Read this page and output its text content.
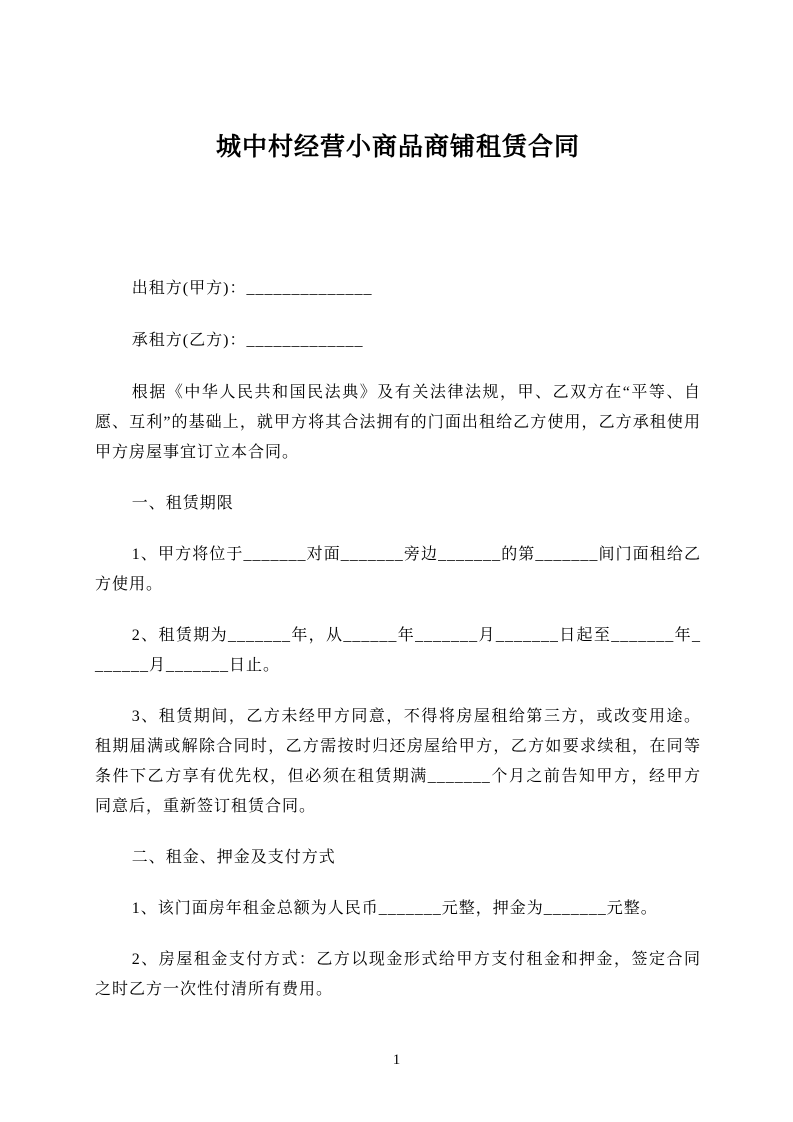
城中村经营小商品商铺租赁合同

出租方(甲方)：______________

承租方(乙方)：_____________

根据《中华人民共和国民法典》及有关法律法规，甲、乙双方在“平等、自愿、互利”的基础上，就甲方将其合法拥有的门面出租给乙方使用，乙方承租使用甲方房屋事宜订立本合同。

一、租赁期限

1、甲方将位于_______对面_______旁边_______的第_______间门面租给乙方使用。

2、租赁期为_______年，从______年_______月_______日起至_______年_______月_______日止。

3、租赁期间，乙方未经甲方同意，不得将房屋租给第三方，或改变用途。租期届满或解除合同时，乙方需按时归还房屋给甲方，乙方如要求续租，在同等条件下乙方享有优先权，但必须在租赁期满_______个月之前告知甲方，经甲方同意后，重新签订租赁合同。

二、租金、押金及支付方式

1、该门面房年租金总额为人民币_______元整，押金为_______元整。

2、房屋租金支付方式：乙方以现金形式给甲方支付租金和押金，签定合同之时乙方一次性付清所有费用。

1
